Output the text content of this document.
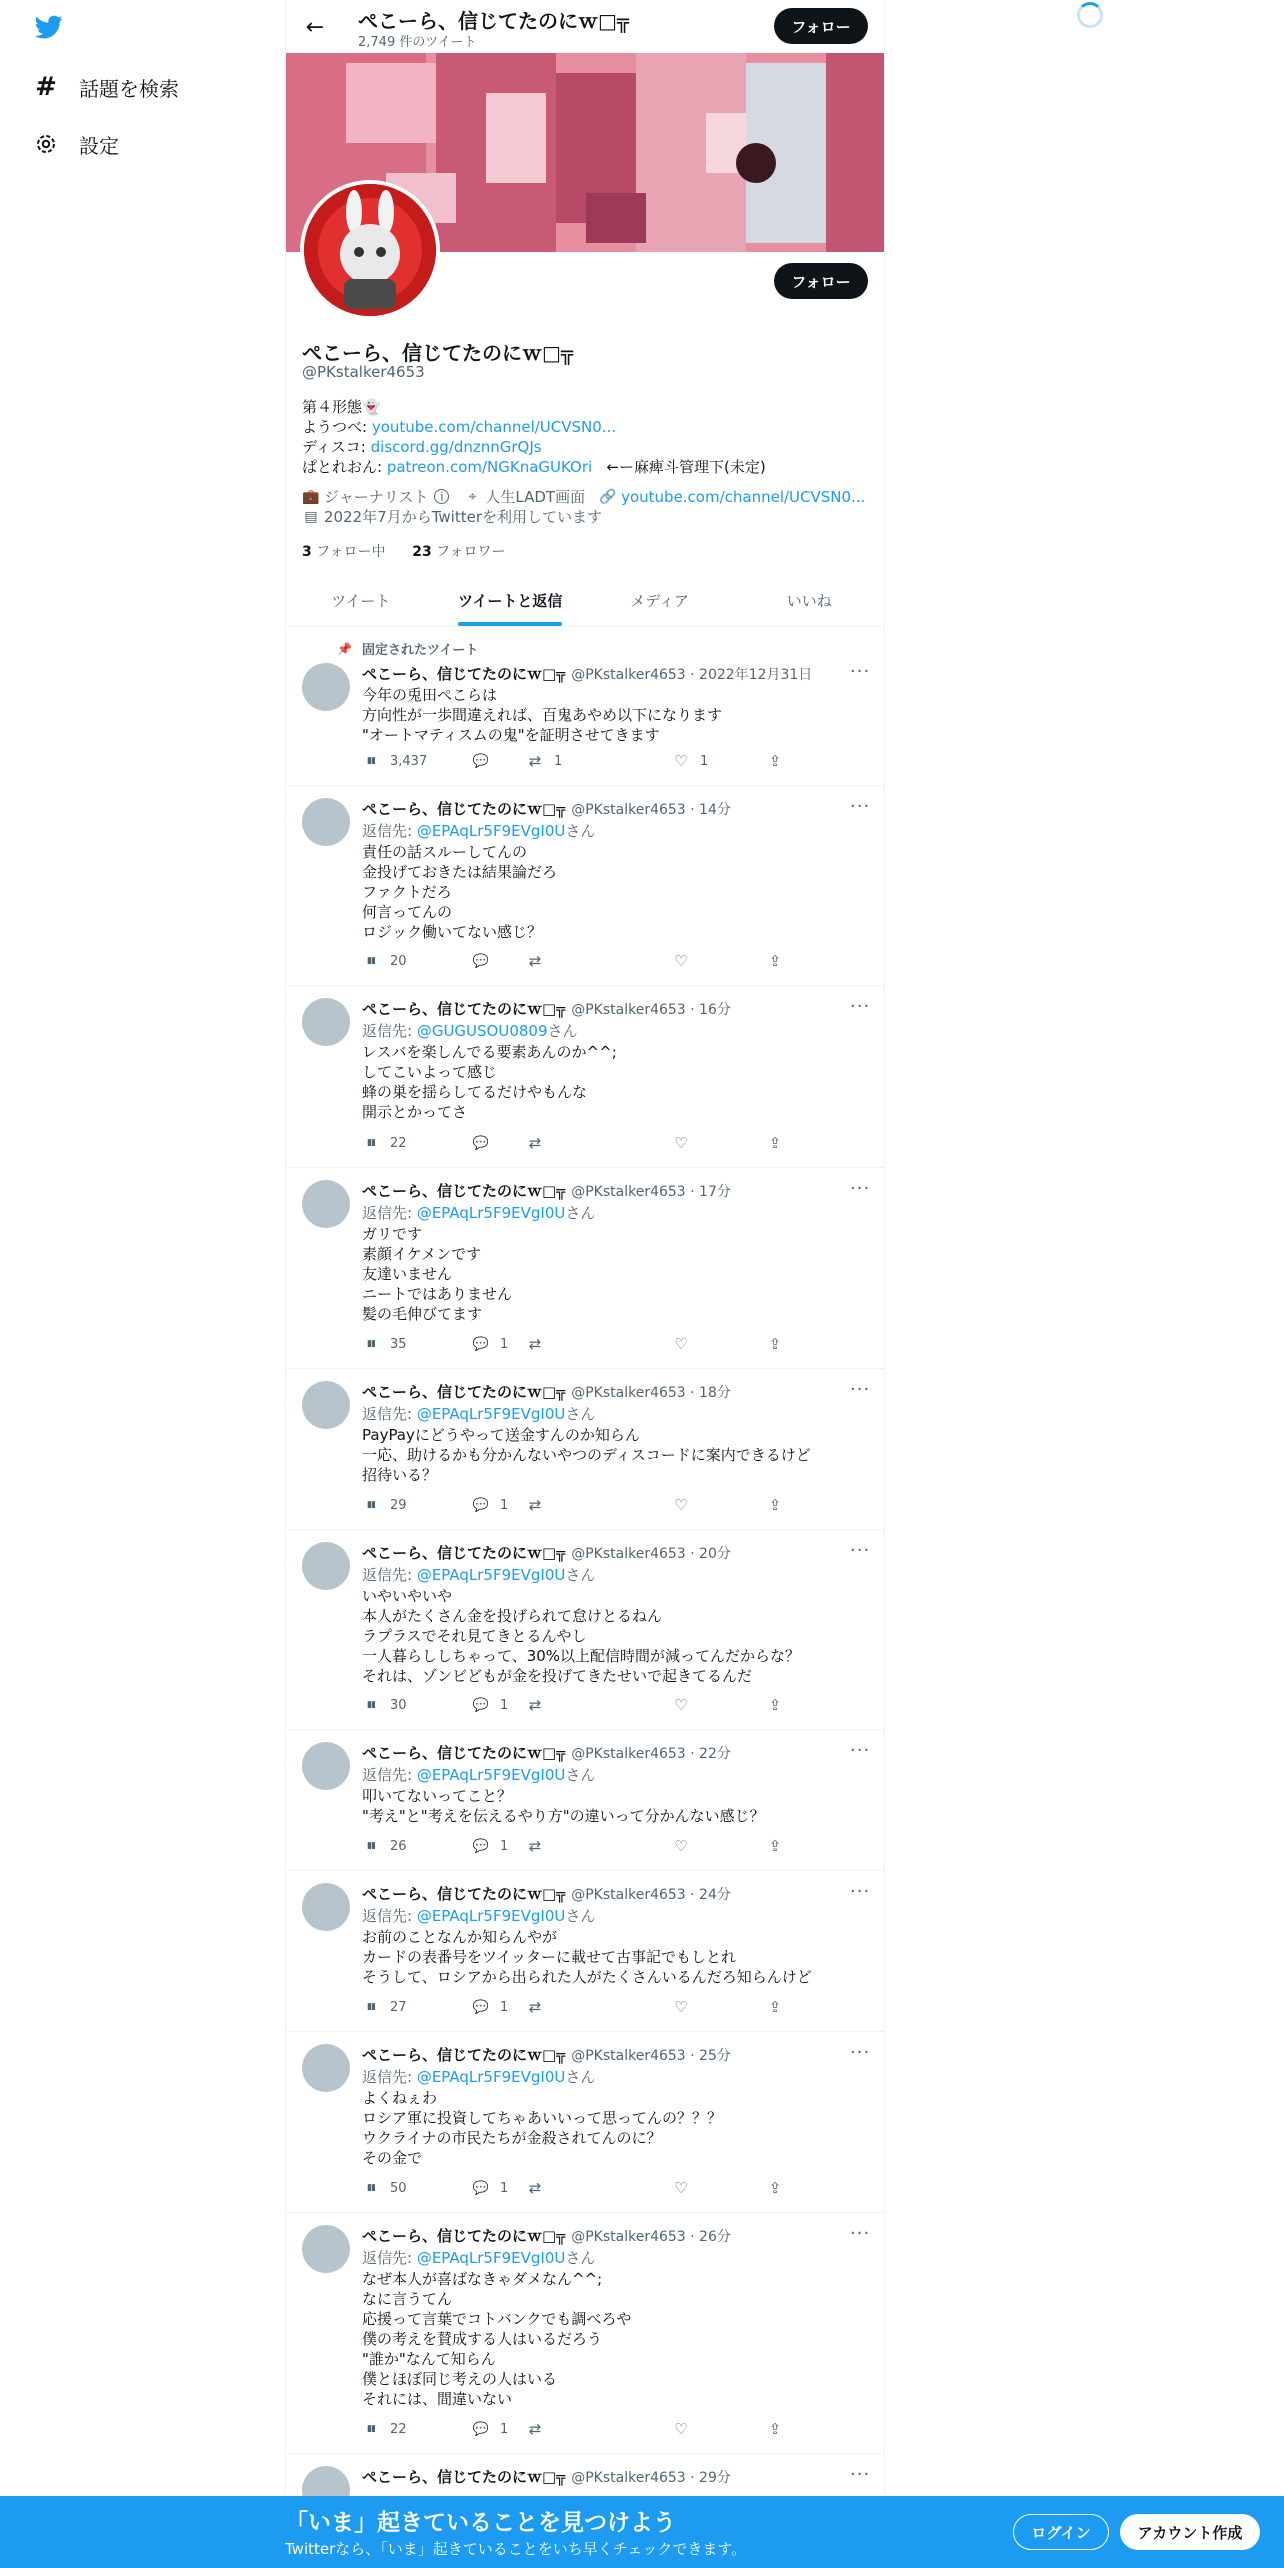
# 話題を検索
設定
← ぺこーら、信じてたのにｗ□╦
2,749 件のツイート
フォロー
フォロー
ぺこーら、信じてたのにｗ□╦
@PKstalker4653
第４形態👻
ようつべ: youtube.com/channel/UCVSN0...
ディスコ: discord.gg/dnznnGrQJs
ぱとれおん: patreon.com/NGKnaGUKOri ←ー麻痺斗管理下(未定)
💼 ジャーナリスト i	⌖ 人生LADT画面 🔗 youtube.com/channel/UCVSN0...
▤ 2022年7月からTwitterを利用しています
3 フォロー中 23 フォロワー
ツイート	ツイートと返信	メディア	いいね
📌 固定されたツイート
ぺこーら、信じてたのにｗ□╦ @PKstalker4653 · 2022年12月31日 ···
今年の兎田ぺこらは
方向性が一歩間違えれば、百鬼あやめ以下になります
"オートマティスムの鬼"を証明させてきます
▮▮	3,437	💬	⇄ 1	♡ 1	⇪
ぺこーら、信じてたのにｗ□╦ @PKstalker4653 · 14分	···
返信先: @EPAqLr5F9EVgI0Uさん
責任の話スルーしてんの
金投げておきたは結果論だろ
ファクトだろ
何言ってんの
ロジック働いてない感じ？
▮▮	20	💬	⇄	♡	⇪
ぺこーら、信じてたのにｗ□╦ @PKstalker4653 · 16分	···
返信先: @GUGUSOU0809さん
レスバを楽しんでる要素あんのか^^;
してこいよって感じ
蜂の巣を揺らしてるだけやもんな
開示とかってさ
▮▮	22	💬	⇄	♡	⇪
ぺこーら、信じてたのにｗ□╦ @PKstalker4653 · 17分	···
返信先: @EPAqLr5F9EVgI0Uさん
ガリです
素顔イケメンです
友達いません
ニートではありません
髪の毛伸びてます
▮▮	35	💬 1 ⇄	♡	⇪
ぺこーら、信じてたのにｗ□╦ @PKstalker4653 · 18分	···
返信先: @EPAqLr5F9EVgI0Uさん
PayPayにどうやって送金すんのか知らん
一応、助けるかも分かんないやつのディスコードに案内できるけど
招待いる？
▮▮	29	💬 1 ⇄	♡	⇪
ぺこーら、信じてたのにｗ□╦ @PKstalker4653 · 20分	···
返信先: @EPAqLr5F9EVgI0Uさん
いやいやいや
本人がたくさん金を投げられて怠けとるねん
ラプラスでそれ見てきとるんやし
一人暮らししちゃって、30%以上配信時間が減ってんだからな？
それは、ゾンビどもが金を投げてきたせいで起きてるんだ
▮▮	30	💬 1 ⇄	♡	⇪
ぺこーら、信じてたのにｗ□╦ @PKstalker4653 · 22分	···
返信先: @EPAqLr5F9EVgI0Uさん
叩いてないってこと？
"考え"と"考えを伝えるやり方"の違いって分かんない感じ？
▮▮	26	💬 1 ⇄	♡	⇪
ぺこーら、信じてたのにｗ□╦ @PKstalker4653 · 24分	···
返信先: @EPAqLr5F9EVgI0Uさん
お前のことなんか知らんやが
カードの表番号をツイッターに載せて古事記でもしとれ
そうして、ロシアから出られた人がたくさんいるんだろ知らんけど
▮▮	27	💬 1 ⇄	♡	⇪
ぺこーら、信じてたのにｗ□╦ @PKstalker4653 · 25分	···
返信先: @EPAqLr5F9EVgI0Uさん
よくねぇわ
ロシア軍に投資してちゃあいいって思ってんの？？？
ウクライナの市民たちが金殺されてんのに？
その金で
▮▮	50	💬 1 ⇄	♡	⇪
ぺこーら、信じてたのにｗ□╦ @PKstalker4653 · 26分	···
返信先: @EPAqLr5F9EVgI0Uさん
なぜ本人が喜ばなきゃダメなん^^;
なに言うてん
応援って言葉でコトバンクでも調べろや
僕の考えを賛成する人はいるだろう
"誰か"なんて知らん
僕とほぼ同じ考えの人はいる
それには、間違いない
▮▮	22	💬 1 ⇄	♡	⇪
ぺこーら、信じてたのにｗ□╦ @PKstalker4653 · 29分	···
「いま」起きていることを見つけよう
Twitterなら、「いま」起きていることをいち早くチェックできます。
ログイン	アカウント作成
